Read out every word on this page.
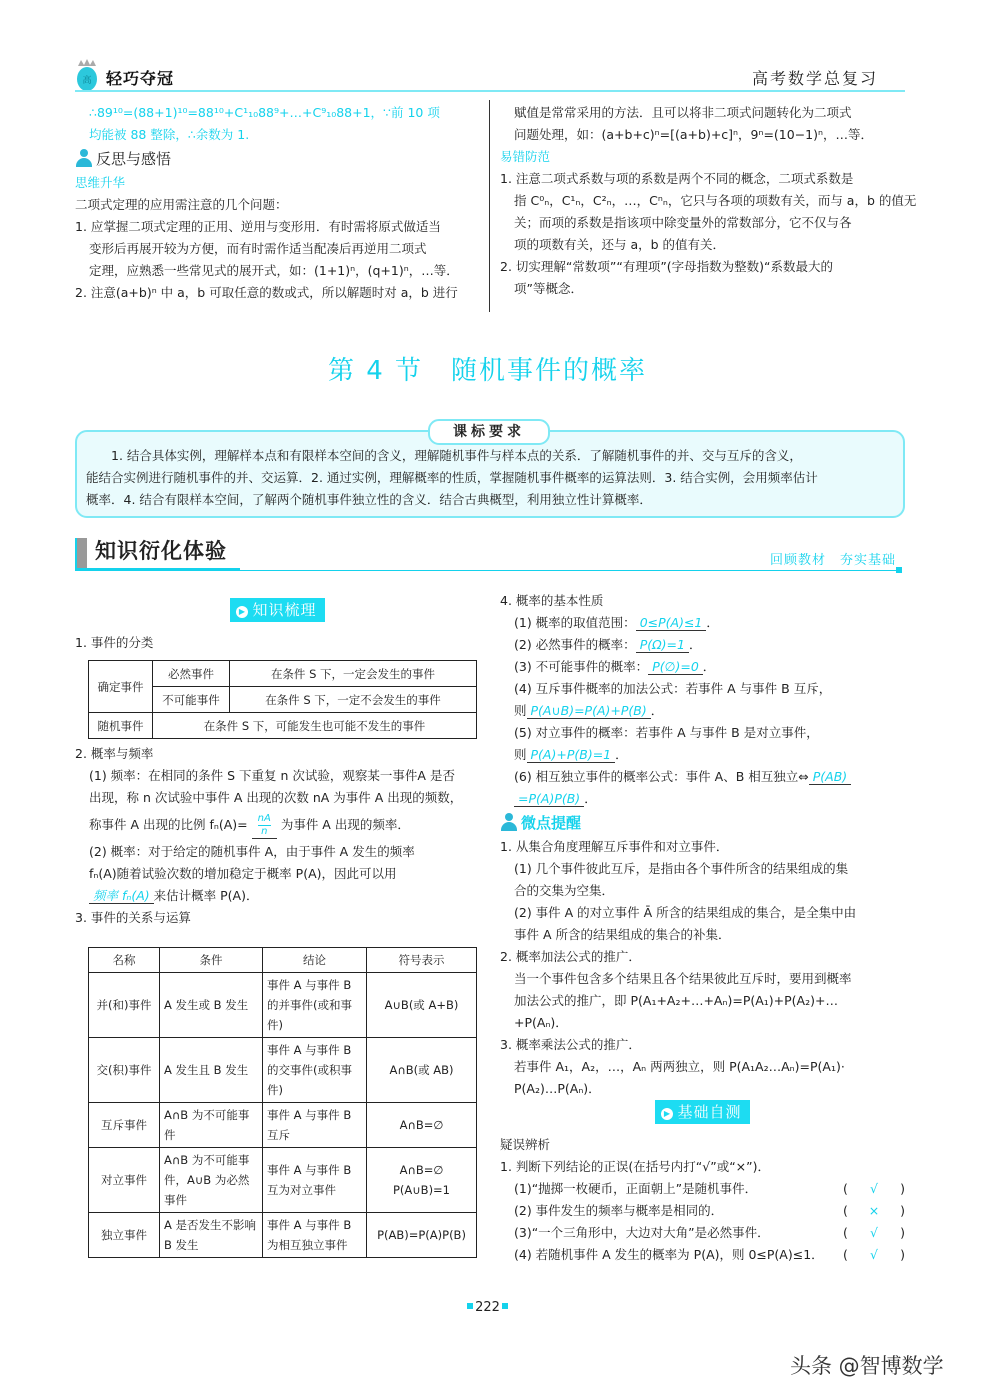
高 轻巧夺冠	高考数学总复习
∴89¹⁰=(88+1)¹⁰=88¹⁰+C¹₁₀88⁹+…+C⁹₁₀88+1，∵前 10 项
均能被 88 整除，∴余数为 1.
反思与感悟
思维升华
二项式定理的应用需注意的几个问题：
1. 应掌握二项式定理的正用、逆用与变形用．有时需将原式做适当
变形后再展开较为方便，而有时需作适当配凑后再逆用二项式
定理，应熟悉一些常见式的展开式，如：(1+1)ⁿ，(q+1)ⁿ，…等．
2. 注意(a+b)ⁿ 中 a，b 可取任意的数或式，所以解题时对 a，b 进行
赋值是常常采用的方法．且可以将非二项式问题转化为二项式
问题处理，如：(a+b+c)ⁿ=[(a+b)+c]ⁿ，9ⁿ=(10−1)ⁿ，…等．
易错防范
1. 注意二项式系数与项的系数是两个不同的概念，二项式系数是
指 C⁰ₙ，C¹ₙ，C²ₙ，…，Cⁿₙ，它只与各项的项数有关，而与 a，b 的值无
关；而项的系数是指该项中除变量外的常数部分，它不仅与各
项的项数有关，还与 a，b 的值有关．
2. 切实理解“常数项”“有理项”(字母指数为整数)“系数最大的
项”等概念．
第 4 节　随机事件的概率
课标要求
　　1. 结合具体实例，理解样本点和有限样本空间的含义，理解随机事件与样本点的关系．了解随机事件的并、交与互斥的含义，
能结合实例进行随机事件的并、交运算．2. 通过实例，理解概率的性质，掌握随机事件概率的运算法则．3. 结合实例，会用频率估计
概率．4. 结合有限样本空间，了解两个随机事件独立性的含义．结合古典概型，利用独立性计算概率．
知识衍化体验	回顾教材　夯实基础
▶ 知识梳理
1. 事件的分类
确定事件	必然事件	在条件 S 下，一定会发生的事件
	不可能事件	在条件 S 下，一定不会发生的事件
随机事件	在条件 S 下，可能发生也可能不发生的事件	
2. 概率与频率
(1) 频率：在相同的条件 S 下重复 n 次试验，观察某一事件A 是否
出现，称 n 次试验中事件 A 出现的次数 nA 为事件 A 出现的频数，
称事件 A 出现的比例 $f_n(A)= \frac{nA}{n}$ 为事件 A 出现的频率．
(2) 概率：对于给定的随机事件 A，由于事件 A 发生的频率
fₙ(A)随着试验次数的增加稳定于概率 P(A)，因此可以用
频率 fₙ(A) 来估计概率 P(A)．
3. 事件的关系与运算
名称	条件	结论	符号表示
并(和)事件	A 发生或 B 发生	事件 A 与事件 B 的并事件(或和事件)	A∪B(或 A+B)
交(积)事件	A 发生且 B 发生	事件 A 与事件 B 的交事件(或积事件)	A∩B(或 AB)
互斥事件	A∩B 为不可能事件	事件 A 与事件 B 互斥	A∩B=∅
对立事件	A∩B 为不可能事件，A∪B 为必然事件	事件 A 与事件 B 互为对立事件	A∩B=∅ P(A∪B)=1
独立事件	A 是否发生不影响 B 发生	事件 A 与事件 B 为相互独立事件	P(AB)=P(A)P(B)
4. 概率的基本性质
(1) 概率的取值范围： 0≤P(A)≤1 ．
(2) 必然事件的概率： P(Ω)=1 ．
(3) 不可能事件的概率： P(∅)=0 ．
(4) 互斥事件概率的加法公式：若事件 A 与事件 B 互斥，
则 P(A∪B)=P(A)+P(B) ．
(5) 对立事件的概率：若事件 A 与事件 B 是对立事件，
则 P(A)+P(B)=1 ．
(6) 相互独立事件的概率公式：事件 A、B 相互独立⇔ P(AB)
=P(A)P(B) ．
微点提醒
1. 从集合角度理解互斥事件和对立事件．
(1) 几个事件彼此互斥，是指由各个事件所含的结果组成的集
合的交集为空集．
(2) 事件 A 的对立事件 Ā 所含的结果组成的集合，是全集中由
事件 A 所含的结果组成的集合的补集．
2. 概率加法公式的推广．
当一个事件包含多个结果且各个结果彼此互斥时，要用到概率
加法公式的推广，即 P(A₁+A₂+…+Aₙ)=P(A₁)+P(A₂)+…
+P(Aₙ)．
3. 概率乘法公式的推广．
若事件 A₁，A₂，…，Aₙ 两两独立，则 P(A₁A₂…Aₙ)=P(A₁)·
P(A₂)…P(Aₙ)．
▶ 基础自测
疑误辨析
1. 判断下列结论的正误(在括号内打“√”或“×”)．
(1)“抛掷一枚硬币，正面朝上”是随机事件．	( √ )
(2) 事件发生的频率与概率是相同的．	( × )
(3)“一个三角形中，大边对大角”是必然事件．	( √ )
(4) 若随机事件 A 发生的概率为 P(A)，则 0≤P(A)≤1．	( √ )
222
头条 @智博数学
